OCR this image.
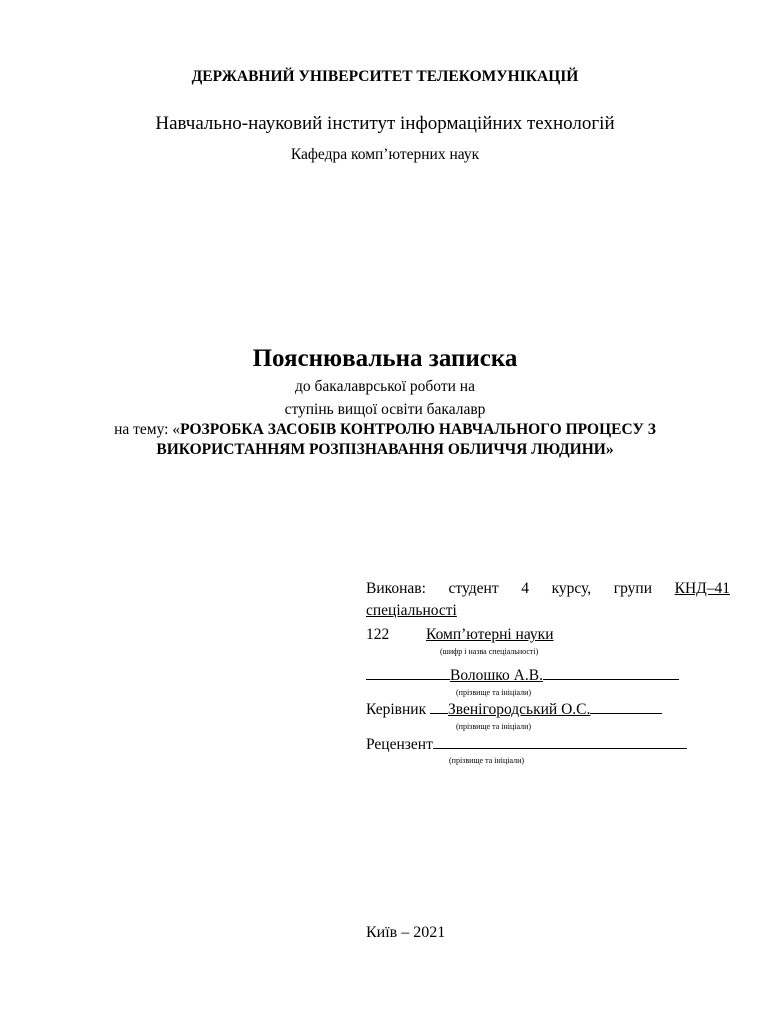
ДЕРЖАВНИЙ УНІВЕРСИТЕТ ТЕЛЕКОМУНІКАЦІЙ
Навчально-науковий інститут інформаційних технологій
Кафедра комп’ютерних наук
Пояснювальна записка
до бакалаврської роботи на
ступінь вищої освіти бакалавр
на тему: «РОЗРОБКА ЗАСОБІВ КОНТРОЛЮ НАВЧАЛЬНОГО ПРОЦЕСУ З
ВИКОРИСТАННЯМ РОЗПІЗНАВАННЯ ОБЛИЧЧЯ ЛЮДИНИ»
Виконав: студент 4 курсу, групи КНД–41
спеціальності
122 Комп’ютерні науки
(шифр і назва спеціальності)
Волошко А.В.
(прізвище та ініціали)
Керівник Звенігородський О.С.
(прізвище та ініціали)
Рецензент
(прізвище та ініціали)
Київ – 2021
